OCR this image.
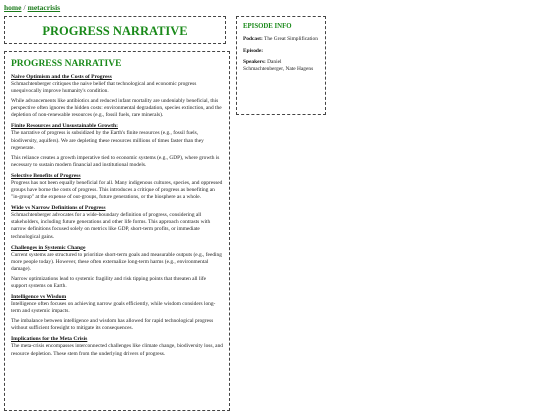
home / metacrisis
PROGRESS NARRATIVE
PROGRESS NARRATIVE
Naive Optimism and the Costs of Progress

Schmachtenberger critiques the naive belief that technological and economic progress unequivocally improve humanity's condition.

While advancements like antibiotics and reduced infant mortality are undeniably beneficial, this perspective often ignores the hidden costs: environmental degradation, species extinction, and the depletion of non-renewable resources (e.g., fossil fuels, rare minerals).

Finite Resources and Unsustainable Growth:

The narrative of progress is subsidized by the Earth's finite resources (e.g., fossil fuels, biodiversity, aquifers). We are depleting these resources millions of times faster than they regenerate.

This reliance creates a growth imperative tied to economic systems (e.g., GDP), where growth is necessary to sustain modern financial and institutional models.

Selective Benefits of Progress

Progress has not been equally beneficial for all. Many indigenous cultures, species, and oppressed groups have borne the costs of progress. This introduces a critique of progress as benefiting an "in-group" at the expense of out-groups, future generations, or the biosphere as a whole.

Wide vs Narrow Definitions of Progress

Schmachtenberger advocates for a wide-boundary definition of progress, considering all stakeholders, including future generations and other life forms. This approach contrasts with narrow definitions focused solely on metrics like GDP, short-term profits, or immediate technological gains.

Challenges in Systemic Change

Current systems are structured to prioritize short-term goals and measurable outputs (e.g., feeding more people today). However, these often externalize long-term harms (e.g., environmental damage).

Narrow optimizations lead to systemic fragility and risk tipping points that threaten all life support systems on Earth.

Intelligence vs Wisdom

Intelligence often focuses on achieving narrow goals efficiently, while wisdom considers long-term and systemic impacts.

The imbalance between intelligence and wisdom has allowed for rapid technological progress without sufficient foresight to mitigate its consequences.

Implications for the Meta Crisis

The meta-crisis encompasses interconnected challenges like climate change, biodiversity loss, and resource depletion. These stem from the underlying drivers of progress.

EPISODE INFO
Podcast: The Great Simplification
Episode:
Speakers: Daniel Schmachtenberger, Nate Hagens
